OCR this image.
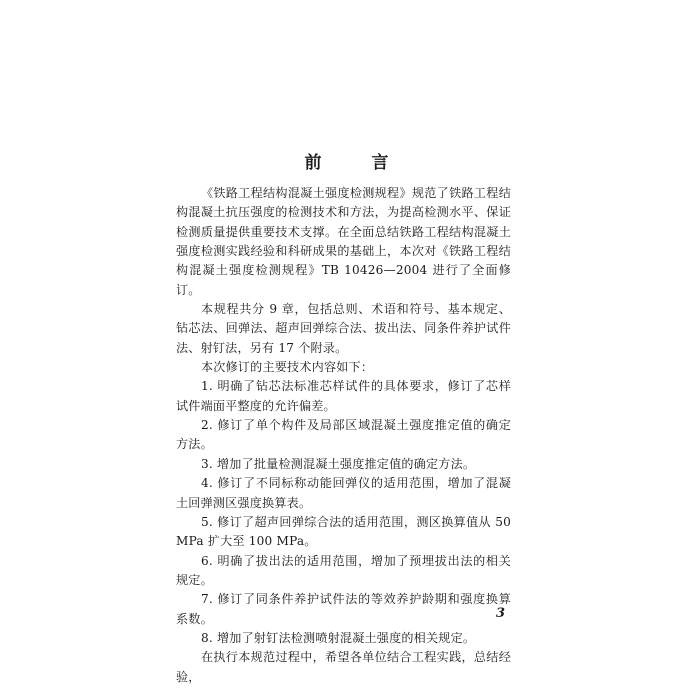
前 言

《铁路工程结构混凝土强度检测规程》规范了铁路工程结构混凝土抗压强度的检测技术和方法，为提高检测水平、保证检测质量提供重要技术支撑。在全面总结铁路工程结构混凝土强度检测实践经验和科研成果的基础上，本次对《铁路工程结构混凝土强度检测规程》TB 10426—2004 进行了全面修订。

本规程共分 9 章，包括总则、术语和符号、基本规定、钻芯法、回弹法、超声回弹综合法、拔出法、同条件养护试件法、射钉法，另有 17 个附录。

本次修订的主要技术内容如下：

1. 明确了钻芯法标准芯样试件的具体要求，修订了芯样试件端面平整度的允许偏差。

2. 修订了单个构件及局部区域混凝土强度推定值的确定方法。

3. 增加了批量检测混凝土强度推定值的确定方法。

4. 修订了不同标称动能回弹仪的适用范围，增加了混凝土回弹测区强度换算表。

5. 修订了超声回弹综合法的适用范围，测区换算值从 50 MPa 扩大至 100 MPa。

6. 明确了拔出法的适用范围，增加了预埋拔出法的相关规定。

7. 修订了同条件养护试件法的等效养护龄期和强度换算系数。

8. 增加了射钉法检测喷射混凝土强度的相关规定。

在执行本规范过程中，希望各单位结合工程实践，总结经验，

3
